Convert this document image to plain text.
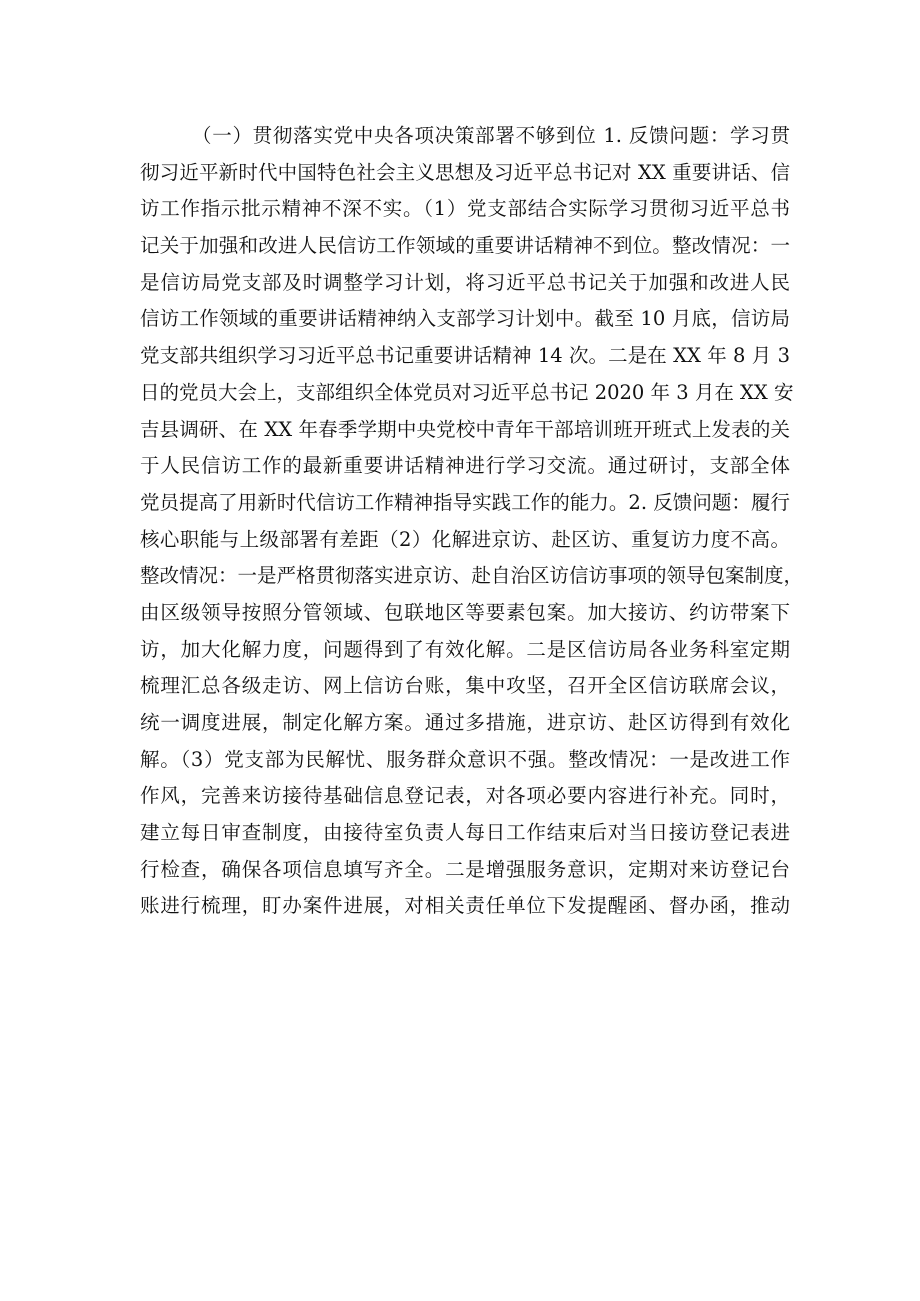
（一）贯彻落实党中央各项决策部署不够到位 1. 反馈问题：学习贯
彻习近平新时代中国特色社会主义思想及习近平总书记对 XX 重要讲话、信
访工作指示批示精神不深不实。（1）党支部结合实际学习贯彻习近平总书
记关于加强和改进人民信访工作领域的重要讲话精神不到位。整改情况：一
是信访局党支部及时调整学习计划，将习近平总书记关于加强和改进人民
信访工作领域的重要讲话精神纳入支部学习计划中。截至 10 月底，信访局
党支部共组织学习习近平总书记重要讲话精神 14 次。二是在 XX 年 8 月 3
日的党员大会上，支部组织全体党员对习近平总书记 2020 年 3 月在 XX 安
吉县调研、在 XX 年春季学期中央党校中青年干部培训班开班式上发表的关
于人民信访工作的最新重要讲话精神进行学习交流。通过研讨，支部全体
党员提高了用新时代信访工作精神指导实践工作的能力。2. 反馈问题：履行
核心职能与上级部署有差距（2）化解进京访、赴区访、重复访力度不高。
整改情况：一是严格贯彻落实进京访、赴自治区访信访事项的领导包案制度，
由区级领导按照分管领域、包联地区等要素包案。加大接访、约访带案下
访，加大化解力度，问题得到了有效化解。二是区信访局各业务科室定期
梳理汇总各级走访、网上信访台账，集中攻坚，召开全区信访联席会议，
统一调度进展，制定化解方案。通过多措施，进京访、赴区访得到有效化
解。（3）党支部为民解忧、服务群众意识不强。整改情况：一是改进工作
作风，完善来访接待基础信息登记表，对各项必要内容进行补充。同时，
建立每日审查制度，由接待室负责人每日工作结束后对当日接访登记表进
行检查，确保各项信息填写齐全。二是增强服务意识，定期对来访登记台
账进行梳理，盯办案件进展，对相关责任单位下发提醒函、督办函，推动
